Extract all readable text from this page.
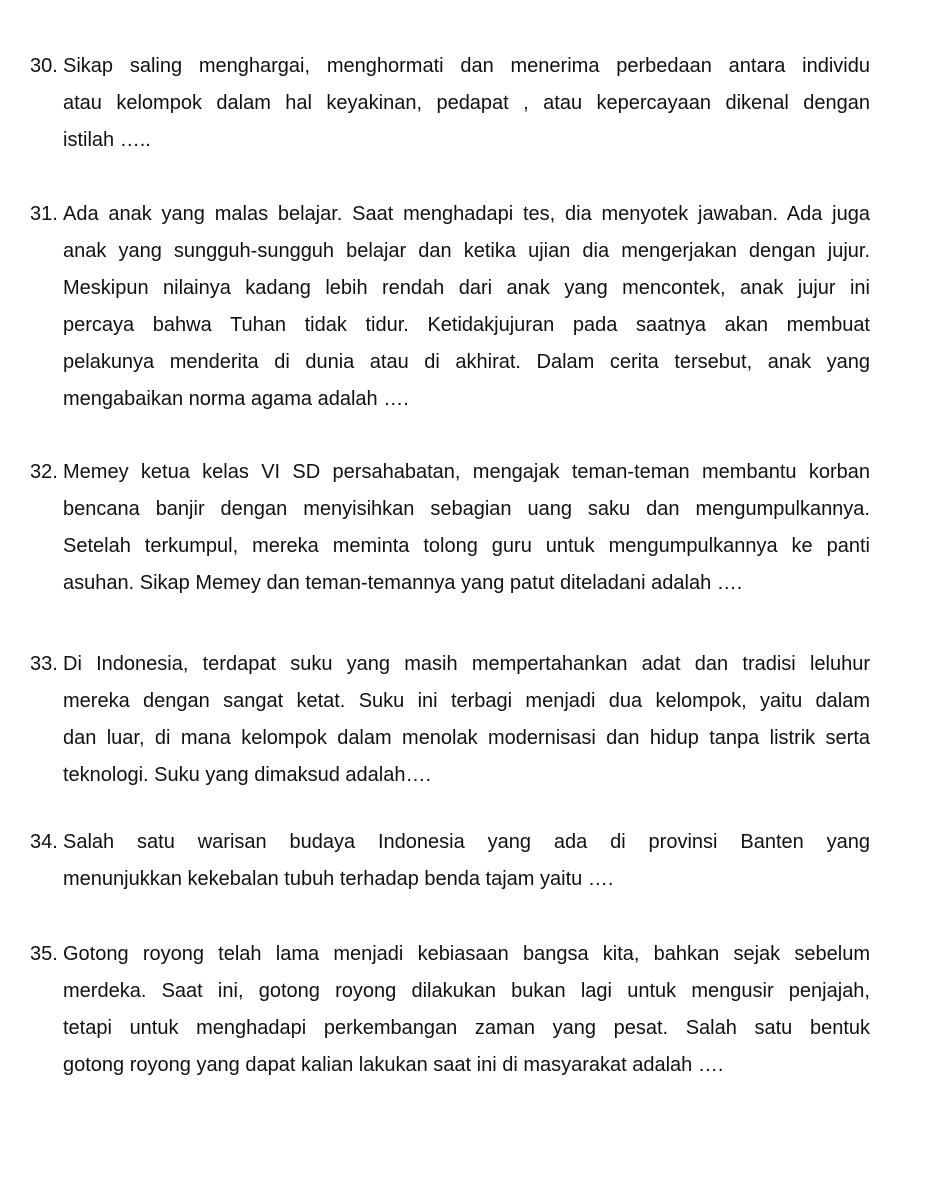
30. Sikap saling menghargai, menghormati dan menerima perbedaan antara individu
atau kelompok dalam hal keyakinan, pedapat , atau kepercayaan dikenal dengan
istilah …..
31. Ada anak yang malas belajar. Saat menghadapi tes, dia menyotek jawaban. Ada juga
anak yang sungguh-sungguh belajar dan ketika ujian dia mengerjakan dengan jujur.
Meskipun nilainya kadang lebih rendah dari anak yang mencontek, anak jujur ini
percaya bahwa Tuhan tidak tidur. Ketidakjujuran pada saatnya akan membuat
pelakunya menderita di dunia atau di akhirat. Dalam cerita tersebut, anak yang
mengabaikan norma agama adalah ….
32. Memey ketua kelas VI SD persahabatan, mengajak teman-teman membantu korban
bencana banjir dengan menyisihkan sebagian uang saku dan mengumpulkannya.
Setelah terkumpul, mereka meminta tolong guru untuk mengumpulkannya ke panti
asuhan. Sikap Memey dan teman-temannya yang patut diteladani adalah ….
33. Di Indonesia, terdapat suku yang masih mempertahankan adat dan tradisi leluhur
mereka dengan sangat ketat. Suku ini terbagi menjadi dua kelompok, yaitu dalam
dan luar, di mana kelompok dalam menolak modernisasi dan hidup tanpa listrik serta
teknologi. Suku yang dimaksud adalah….
34. Salah satu warisan budaya Indonesia yang ada di provinsi Banten yang
menunjukkan kekebalan tubuh terhadap benda tajam yaitu ….
35. Gotong royong telah lama menjadi kebiasaan bangsa kita, bahkan sejak sebelum
merdeka. Saat ini, gotong royong dilakukan bukan lagi untuk mengusir penjajah,
tetapi untuk menghadapi perkembangan zaman yang pesat. Salah satu bentuk
gotong royong yang dapat kalian lakukan saat ini di masyarakat adalah ….
